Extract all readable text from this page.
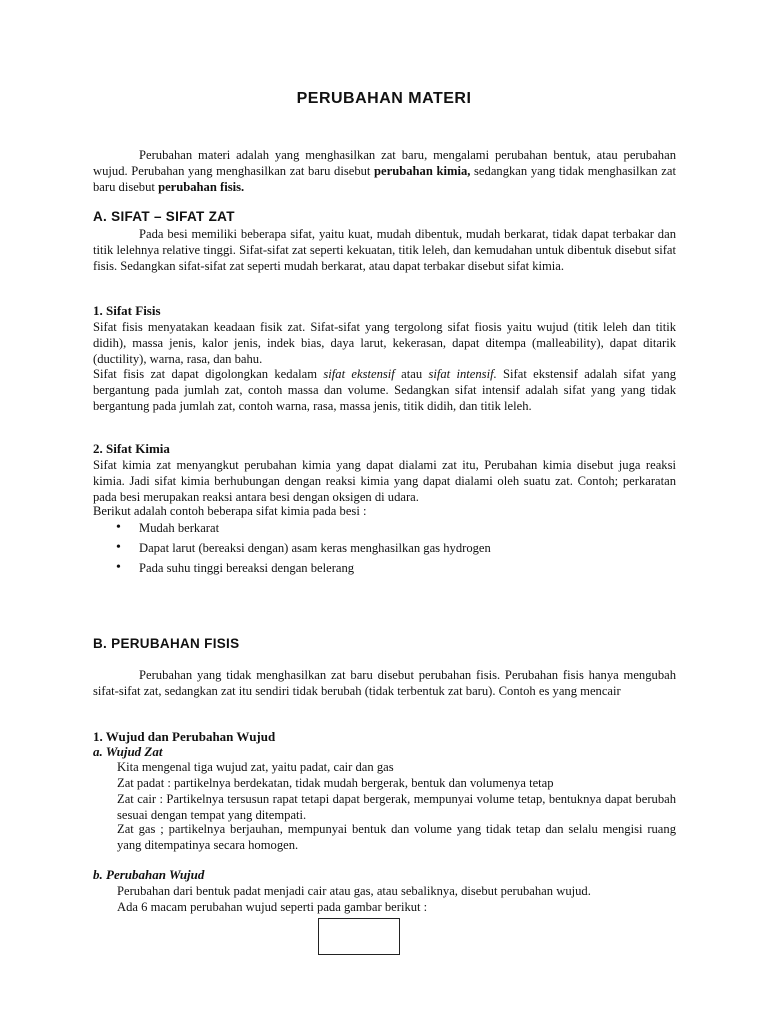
PERUBAHAN MATERI
Perubahan materi adalah yang menghasilkan zat baru, mengalami perubahan bentuk, atau perubahan wujud. Perubahan yang menghasilkan zat baru disebut perubahan kimia, sedangkan yang tidak menghasilkan zat baru disebut perubahan fisis.
A. SIFAT – SIFAT ZAT
Pada besi memiliki beberapa sifat, yaitu kuat, mudah dibentuk, mudah berkarat, tidak dapat terbakar dan titik lelehnya relative tinggi. Sifat-sifat zat seperti kekuatan, titik leleh, dan kemudahan untuk dibentuk disebut sifat fisis. Sedangkan sifat-sifat zat seperti mudah berkarat, atau dapat terbakar disebut sifat kimia.
1. Sifat Fisis
Sifat fisis menyatakan keadaan fisik zat. Sifat-sifat yang tergolong sifat fiosis yaitu wujud (titik leleh dan titik didih), massa jenis, kalor jenis, indek bias, daya larut, kekerasan, dapat ditempa (malleability), dapat ditarik (ductility), warna, rasa, dan bahu.
Sifat fisis zat dapat digolongkan kedalam sifat ekstensif atau sifat intensif. Sifat ekstensif adalah sifat yang bergantung pada jumlah zat, contoh massa dan volume. Sedangkan sifat intensif adalah sifat yang yang tidak bergantung pada jumlah zat, contoh warna, rasa, massa jenis, titik didih, dan titik leleh.
2. Sifat Kimia
Sifat kimia zat menyangkut perubahan kimia yang dapat dialami zat itu, Perubahan kimia disebut juga reaksi kimia. Jadi sifat kimia berhubungan dengan reaksi kimia yang dapat dialami oleh suatu zat. Contoh; perkaratan pada besi merupakan reaksi antara besi dengan oksigen di udara.
Berikut adalah contoh beberapa sifat kimia pada besi :
• Mudah berkarat
• Dapat larut (bereaksi dengan) asam keras menghasilkan gas hydrogen
• Pada suhu tinggi bereaksi dengan belerang
B. PERUBAHAN FISIS
Perubahan yang tidak menghasilkan zat baru disebut perubahan fisis. Perubahan fisis hanya mengubah sifat-sifat zat, sedangkan zat itu sendiri tidak berubah (tidak terbentuk zat baru). Contoh es yang mencair
1. Wujud dan Perubahan Wujud
a. Wujud Zat
Kita mengenal tiga wujud zat, yaitu padat, cair dan gas
Zat padat : partikelnya berdekatan, tidak mudah bergerak, bentuk dan volumenya tetap
Zat cair : Partikelnya tersusun rapat tetapi dapat bergerak, mempunyai volume tetap, bentuknya dapat berubah sesuai dengan tempat yang ditempati.
Zat gas ; partikelnya berjauhan, mempunyai bentuk dan volume yang tidak tetap dan selalu mengisi ruang yang ditempatinya secara homogen.
b. Perubahan Wujud
Perubahan dari bentuk padat menjadi cair atau gas, atau sebaliknya, disebut perubahan wujud.
Ada 6 macam perubahan wujud seperti pada gambar berikut :
